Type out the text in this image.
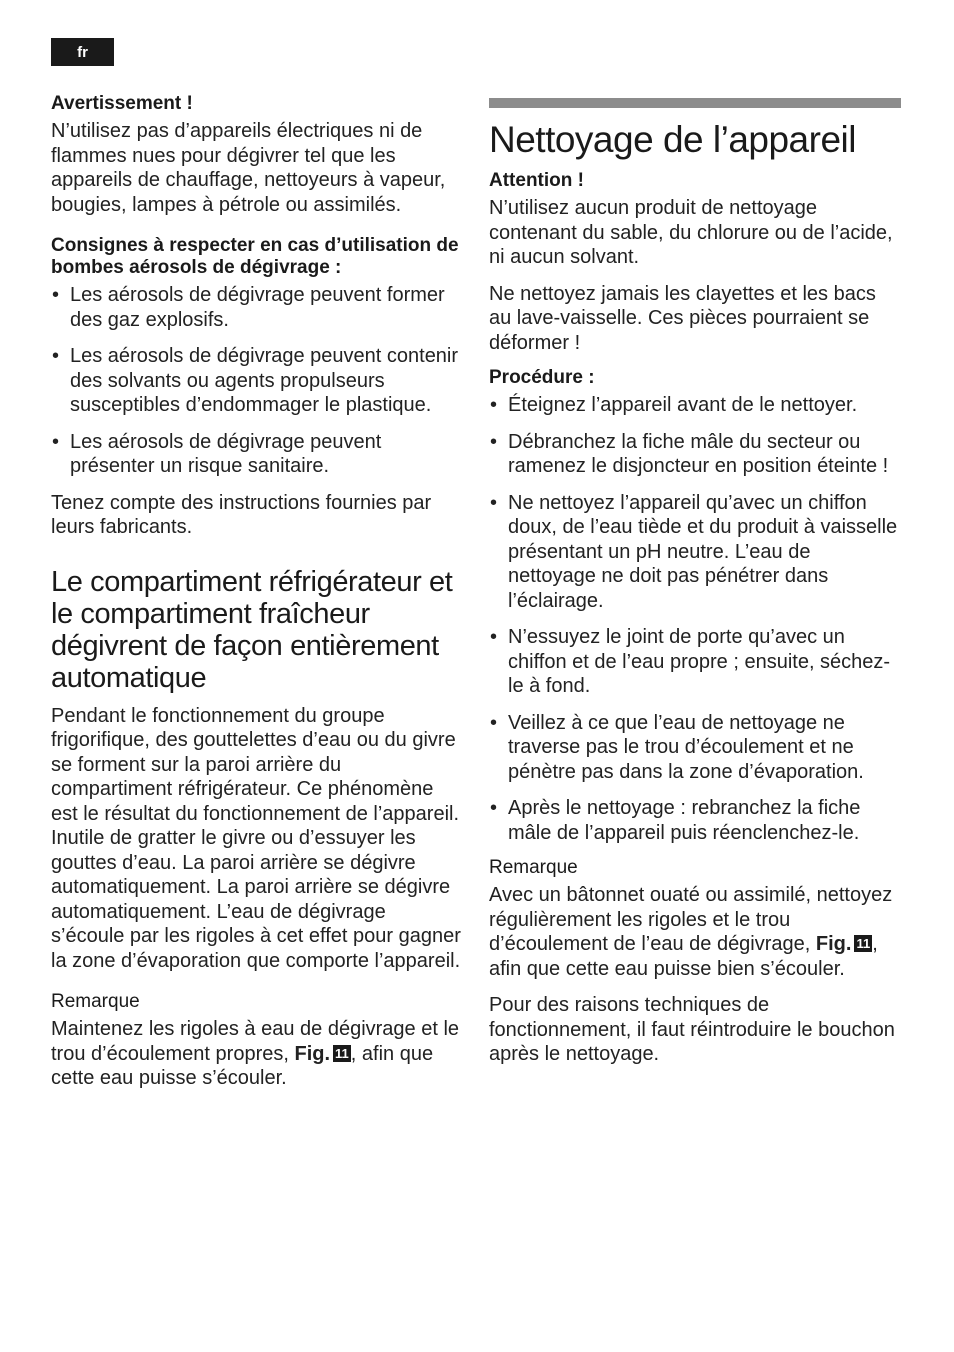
fr
Avertissement !

N’utilisez pas d’appareils électriques ni de flammes nues pour dégivrer tel que les appareils de chauffage, nettoyeurs à vapeur, bougies, lampes à pétrole ou assimilés.

Consignes à respecter en cas d’utilisation de bombes aérosols de dégivrage :
• Les aérosols de dégivrage peuvent former des gaz explosifs.
• Les aérosols de dégivrage peuvent contenir des solvants ou agents propulseurs susceptibles d’endommager le plastique.
• Les aérosols de dégivrage peuvent présenter un risque sanitaire.

Tenez compte des instructions fournies par leurs fabricants.

Le compartiment réfrigérateur et le compartiment fraîcheur dégivrent de façon entièrement automatique

Pendant le fonctionnement du groupe frigorifique, des gouttelettes d’eau ou du givre se forment sur la paroi arrière du compartiment réfrigérateur. Ce phénomène est le résultat du fonctionnement de l’appareil. Inutile de gratter le givre ou d’essuyer les gouttes d’eau. La paroi arrière se dégivre automatiquement. La paroi arrière se dégivre automatiquement. L’eau de dégivrage s’écoule par les rigoles à cet effet pour gagner la zone d’évaporation que comporte l’appareil.

Remarque

Maintenez les rigoles à eau de dégivrage et le trou d’écoulement propres, Fig. 11 , afin que cette eau puisse s’écouler.

Nettoyage de l’appareil
Attention !

N’utilisez aucun produit de nettoyage contenant du sable, du chlorure ou de l’acide, ni aucun solvant.

Ne nettoyez jamais les clayettes et les bacs au lave-vaisselle. Ces pièces pourraient se déformer !

Procédure :
• Éteignez l’appareil avant de le nettoyer.
• Débranchez la fiche mâle du secteur ou ramenez le disjoncteur en position éteinte !
• Ne nettoyez l’appareil qu’avec un chiffon doux, de l’eau tiède et du produit à vaisselle présentant un pH neutre. L’eau de nettoyage ne doit pas pénétrer dans l’éclairage.
• N’essuyez le joint de porte qu’avec un chiffon et de l’eau propre ; ensuite, séchez-le à fond.
• Veillez à ce que l’eau de nettoyage ne traverse pas le trou d’écoulement et ne pénètre pas dans la zone d’évaporation.
• Après le nettoyage : rebranchez la fiche mâle de l’appareil puis réenclenchez-le.
Remarque

Avec un bâtonnet ouaté ou assimilé, nettoyez régulièrement les rigoles et le trou d’écoulement de l’eau de dégivrage, Fig. 11 , afin que cette eau puisse bien s’écouler.

Pour des raisons techniques de fonctionnement, il faut réintroduire le bouchon après le nettoyage.
